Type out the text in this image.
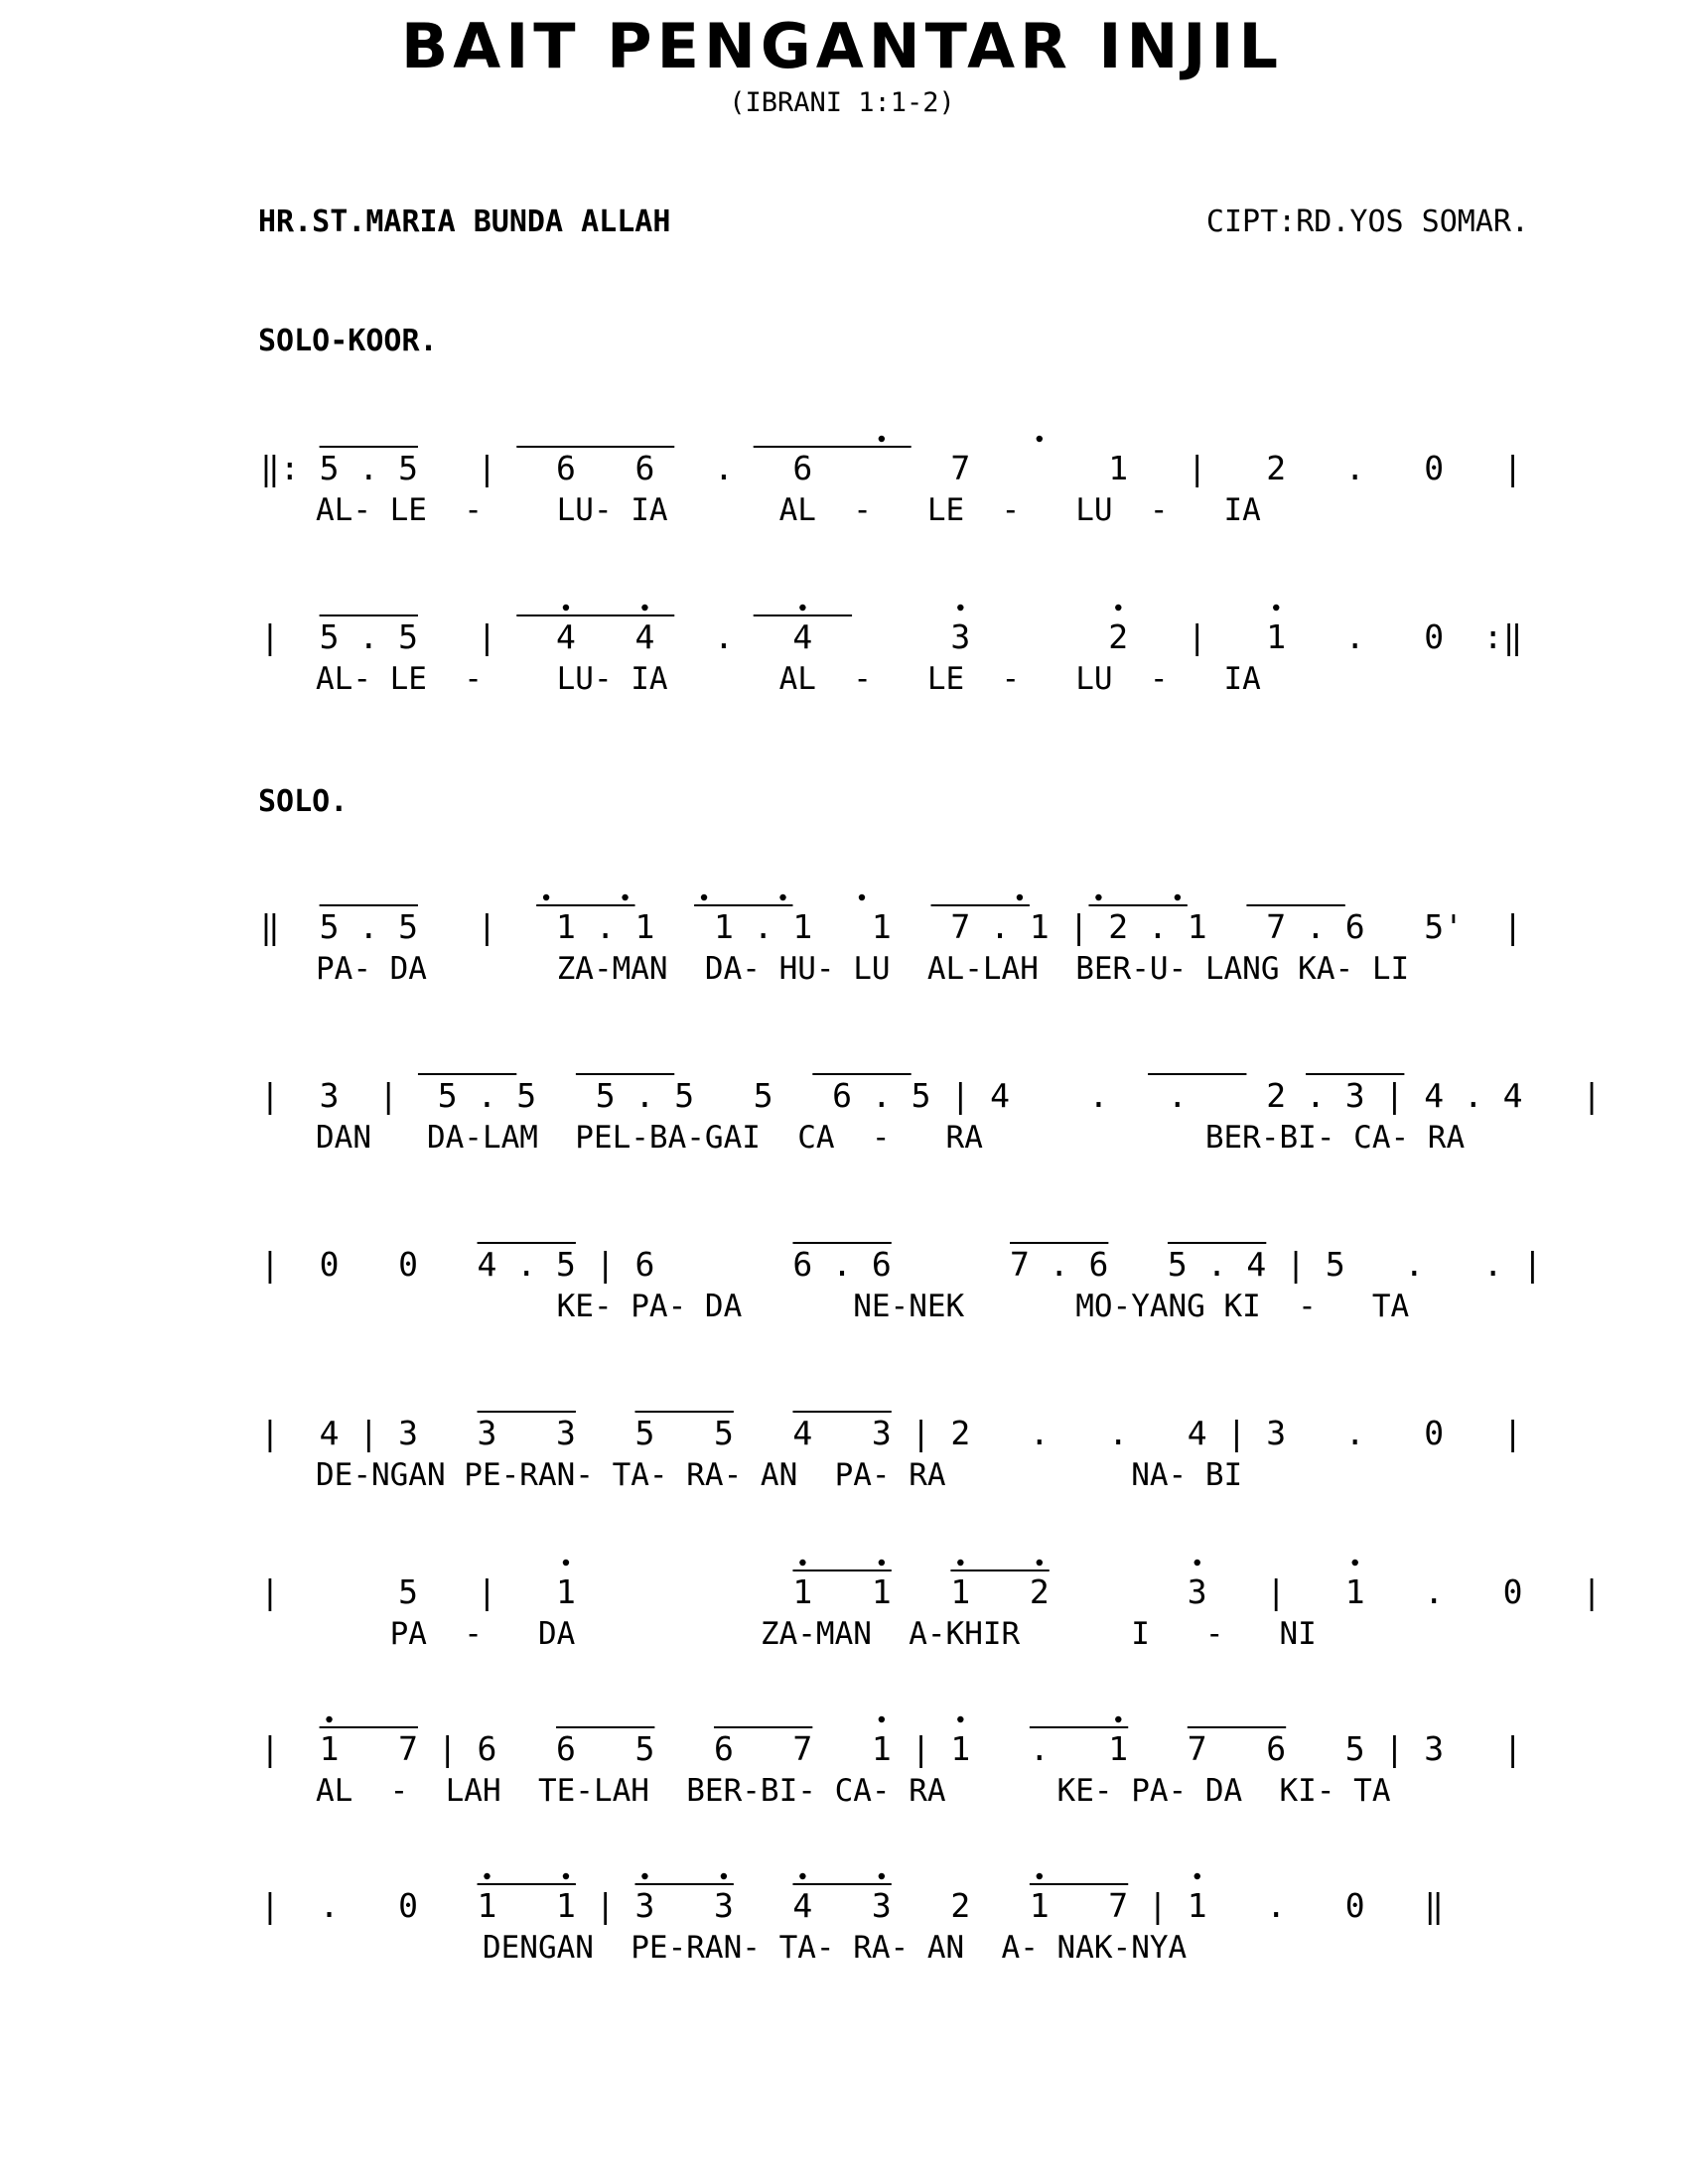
BAIT PENGANTAR INJIL
(IBRANI 1:1-2)
HR.ST.MARIA BUNDA ALLAH	CIPT:RD.YOS SOMAR.
SOLO-KOOR.
‖: 5 . 5   |   6   6   .   6       7       1   |   2   .   0   |
AL- LE  -    LU- IA      AL  -   LE  -   LU  -   IA
|  5 . 5   |   4   4   .   4       3       2   |   1   .   0  :‖
AL- LE  -    LU- IA      AL  -   LE  -   LU  -   IA
SOLO.
‖  5 . 5   |   1 . 1   1 . 1   1   7 . 1 | 2 . 1   7 . 6   5'  |
PA- DA       ZA-MAN  DA- HU- LU  AL-LAH  BER-U- LANG KA- LI
|  3  |  5 . 5   5 . 5   5   6 . 5 | 4    .   .    2 . 3 | 4 . 4   |
DAN   DA-LAM  PEL-BA-GAI  CA  -   RA            BER-BI- CA- RA
|  0   0   4 . 5 | 6       6 . 6      7 . 6   5 . 4 | 5   .   . |
KE- PA- DA      NE-NEK      MO-YANG KI  -   TA
|  4 | 3   3   3   5   5   4   3 | 2   .   .   4 | 3   .   0   |
DE-NGAN PE-RAN- TA- RA- AN  PA- RA          NA- BI
|      5   |   1           1   1   1   2       3   |   1   .   0   |
PA  -   DA          ZA-MAN  A-KHIR      I   -   NI
|  1   7 | 6   6   5   6   7   1 | 1   .   1   7   6   5 | 3   |
AL  -  LAH  TE-LAH  BER-BI- CA- RA      KE- PA- DA  KI- TA
|  .   0   1   1 | 3   3   4   3   2   1   7 | 1   .   0   ‖
DENGAN  PE-RAN- TA- RA- AN  A- NAK-NYA
